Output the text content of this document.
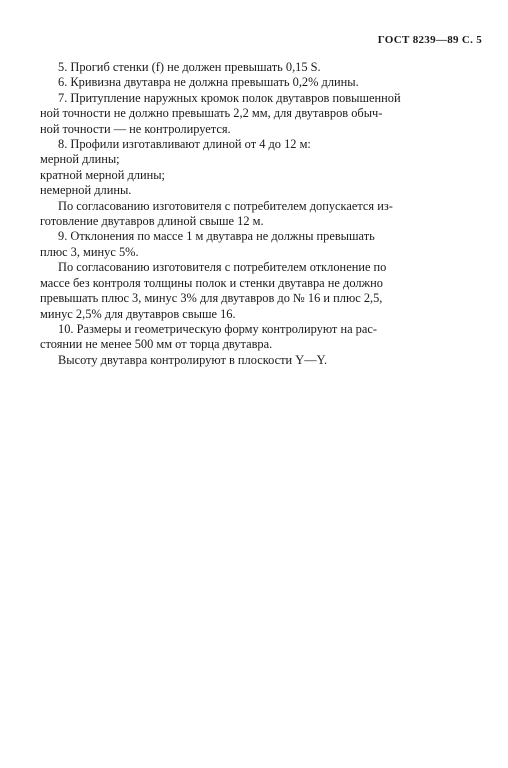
ГОСТ 8239—89 С. 5
5. Прогиб стенки (f) не должен превышать 0,15 S.
6. Кривизна двутавра не должна превышать 0,2% длины.
7. Притупление наружных кромок полок двутавров повышенной
ной точности не должно превышать 2,2 мм, для двутавров обыч-
ной точности — не контролируется.
8. Профили изготавливают длиной от 4 до 12 м:
мерной длины;
кратной мерной длины;
немерной длины.
По согласованию изготовителя с потребителем допускается из-
готовление двутавров длиной свыше 12 м.
9. Отклонения по массе 1 м двутавра не должны превышать
плюс 3, минус 5%.
По согласованию изготовителя с потребителем отклонение по
массе без контроля толщины полок и стенки двутавра не должно
превышать плюс 3, минус 3% для двутавров до № 16 и плюс 2,5,
минус 2,5% для двутавров свыше 16.
10. Размеры и геометрическую форму контролируют на рас-
стоянии не менее 500 мм от торца двутавра.
Высоту двутавра контролируют в плоскости Y—Y.
